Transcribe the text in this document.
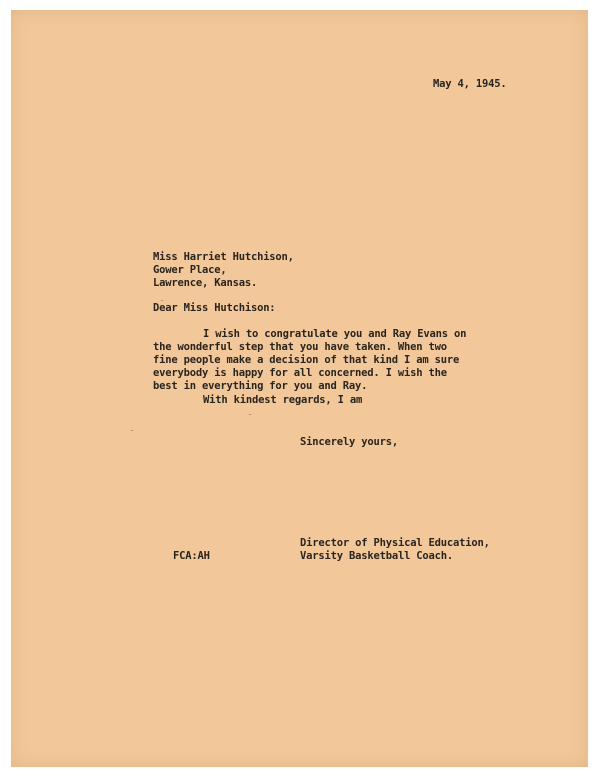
May 4, 1945.

Miss Harriet Hutchison,

Gower Place,

Lawrence, Kansas.

Dear Miss Hutchison:

I wish to congratulate you and Ray Evans on

the wonderful step that you have taken. When two

fine people make a decision of that kind I am sure

everybody is happy for all concerned. I wish the

best in everything for you and Ray.

With kindest regards, I am

Sincerely yours,

Director of Physical Education,

Varsity Basketball Coach.

FCA:AH
